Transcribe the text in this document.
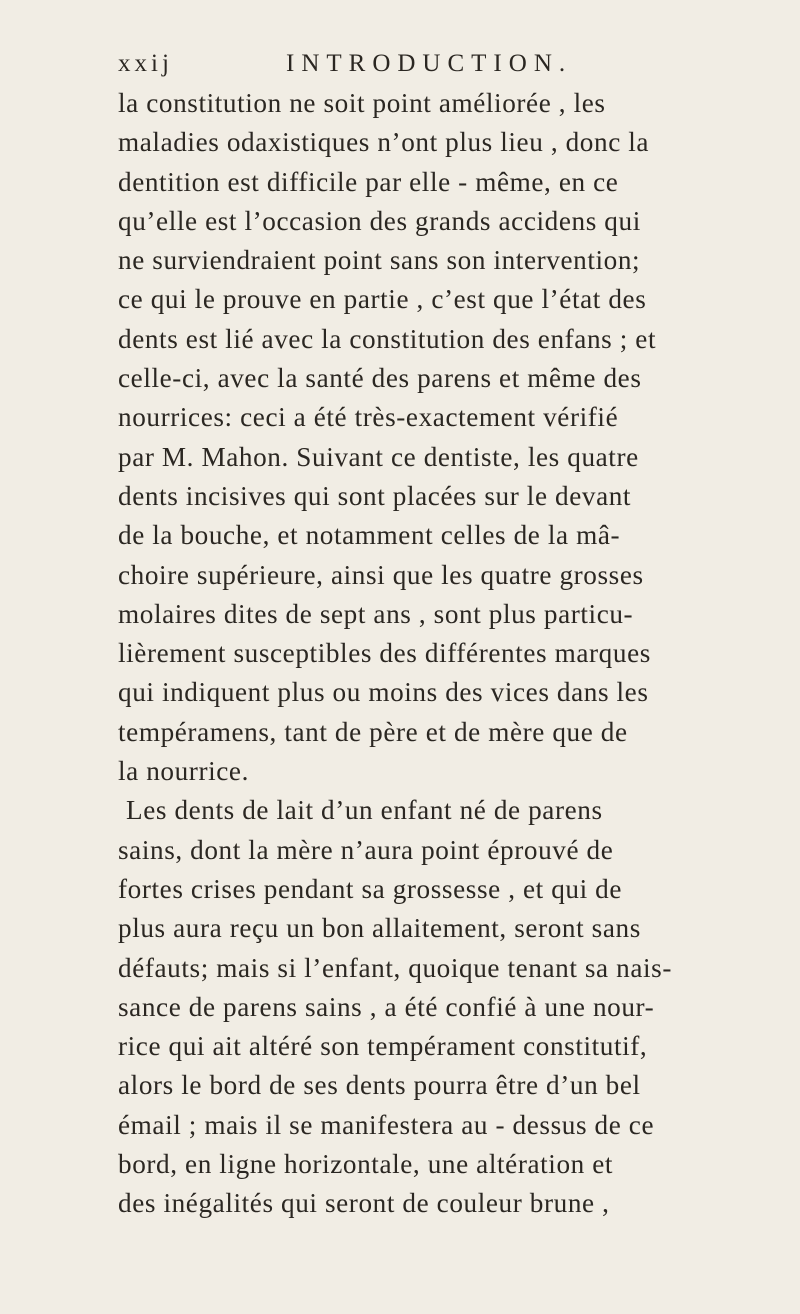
xxij	INTRODUCTION.
la constitution ne soit point améliorée , les
maladies odaxistiques n’ont plus lieu , donc la
dentition est difficile par elle - même, en ce
qu’elle est l’occasion des grands accidens qui
ne surviendraient point sans son intervention;
ce qui le prouve en partie , c’est que l’état des
dents est lié avec la constitution des enfans ; et
celle-ci, avec la santé des parens et même des
nourrices: ceci a été très-exactement vérifié
par M. Mahon. Suivant ce dentiste, les quatre
dents incisives qui sont placées sur le devant
de la bouche, et notamment celles de la mâ-
choire supérieure, ainsi que les quatre grosses
molaires dites de sept ans , sont plus particu-
lièrement susceptibles des différentes marques
qui indiquent plus ou moins des vices dans les
tempéramens, tant de père et de mère que de
la nourrice.
Les dents de lait d’un enfant né de parens
sains, dont la mère n’aura point éprouvé de
fortes crises pendant sa grossesse , et qui de
plus aura reçu un bon allaitement, seront sans
défauts; mais si l’enfant, quoique tenant sa nais-
sance de parens sains , a été confié à une nour-
rice qui ait altéré son tempérament constitutif,
alors le bord de ses dents pourra être d’un bel
émail ; mais il se manifestera au - dessus de ce
bord, en ligne horizontale, une altération et
des inégalités qui seront de couleur brune ,
